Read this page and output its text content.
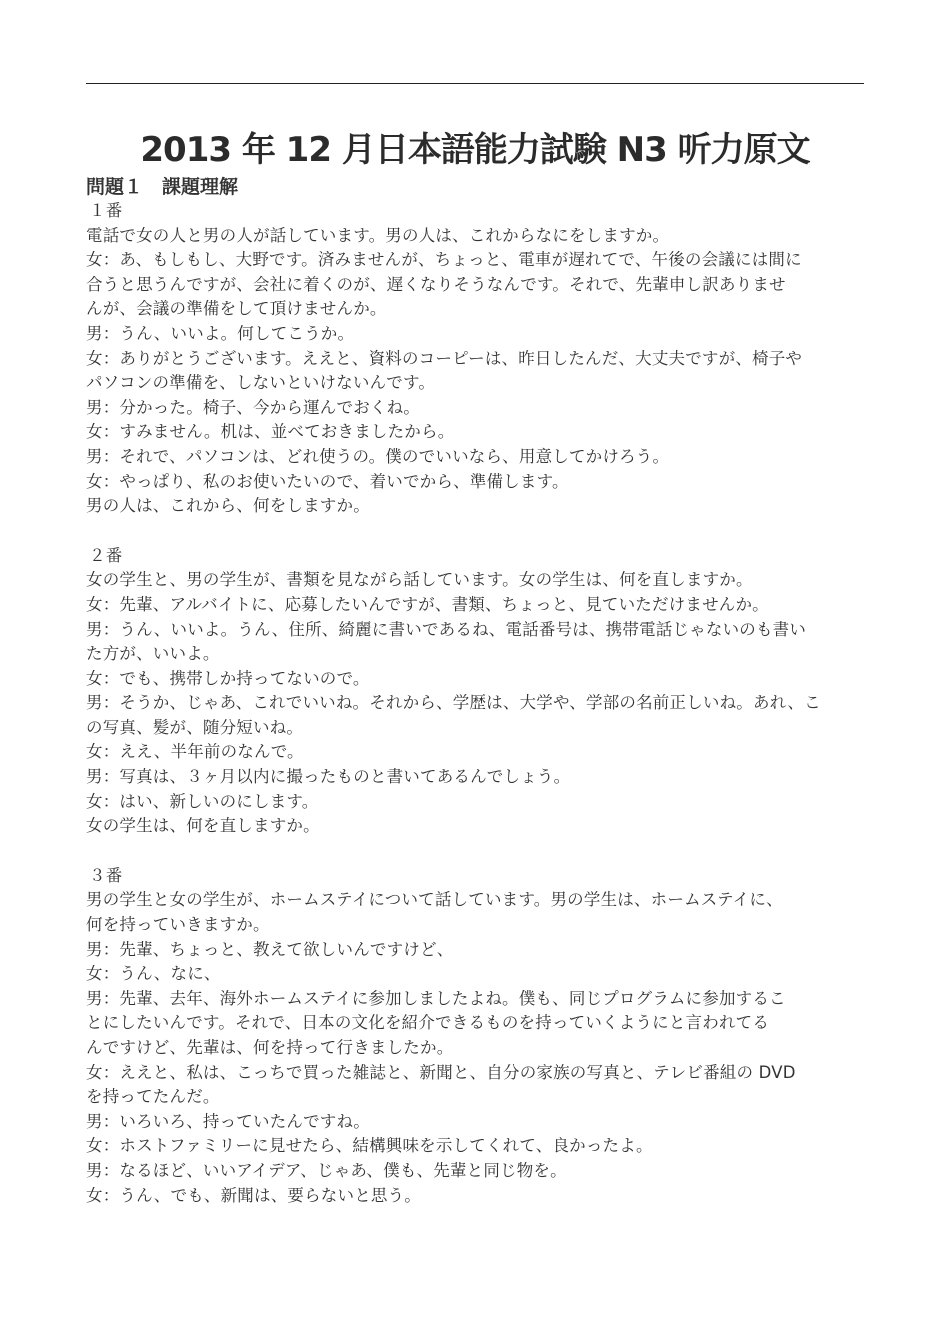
2013 年 12 月日本語能力試験 N3 听力原文
問題１　課題理解
１番
電話で女の人と男の人が話しています。男の人は、これからなにをしますか。
女：あ、もしもし、大野です。済みませんが、ちょっと、電車が遅れてで、午後の会議には間に
合うと思うんですが、会社に着くのが、遅くなりそうなんです。それで、先輩申し訳ありませ
んが、会議の準備をして頂けませんか。
男：うん、いいよ。何してこうか。
女：ありがとうございます。ええと、資料のコーピーは、昨日したんだ、大丈夫ですが、椅子や
パソコンの準備を、しないといけないんです。
男：分かった。椅子、今から運んでおくね。
女：すみません。机は、並べておきましたから。
男：それで、パソコンは、どれ使うの。僕のでいいなら、用意してかけろう。
女：やっぱり、私のお使いたいので、着いでから、準備します。
男の人は、これから、何をしますか。
２番
女の学生と、男の学生が、書類を見ながら話しています。女の学生は、何を直しますか。
女：先輩、アルバイトに、応募したいんですが、書類、ちょっと、見ていただけませんか。
男：うん、いいよ。うん、住所、綺麗に書いであるね、電話番号は、携帯電話じゃないのも書い
た方が、いいよ。
女：でも、携帯しか持ってないので。
男：そうか、じゃあ、これでいいね。それから、学歴は、大学や、学部の名前正しいね。あれ、こ
の写真、髪が、随分短いね。
女：ええ、半年前のなんで。
男：写真は、３ヶ月以内に撮ったものと書いてあるんでしょう。
女：はい、新しいのにします。
女の学生は、何を直しますか。
３番
男の学生と女の学生が、ホームステイについて話しています。男の学生は、ホームステイに、
何を持っていきますか。
男：先輩、ちょっと、教えて欲しいんですけど、
女：うん、なに、
男：先輩、去年、海外ホームステイに参加しましたよね。僕も、同じプログラムに参加するこ
とにしたいんです。それで、日本の文化を紹介できるものを持っていくようにと言われてる
んですけど、先輩は、何を持って行きましたか。
女：ええと、私は、こっちで買った雑誌と、新聞と、自分の家族の写真と、テレビ番組の DVD
を持ってたんだ。
男：いろいろ、持っていたんですね。
女：ホストファミリーに見せたら、結構興味を示してくれて、良かったよ。
男：なるほど、いいアイデア、じゃあ、僕も、先輩と同じ物を。
女：うん、でも、新聞は、要らないと思う。
